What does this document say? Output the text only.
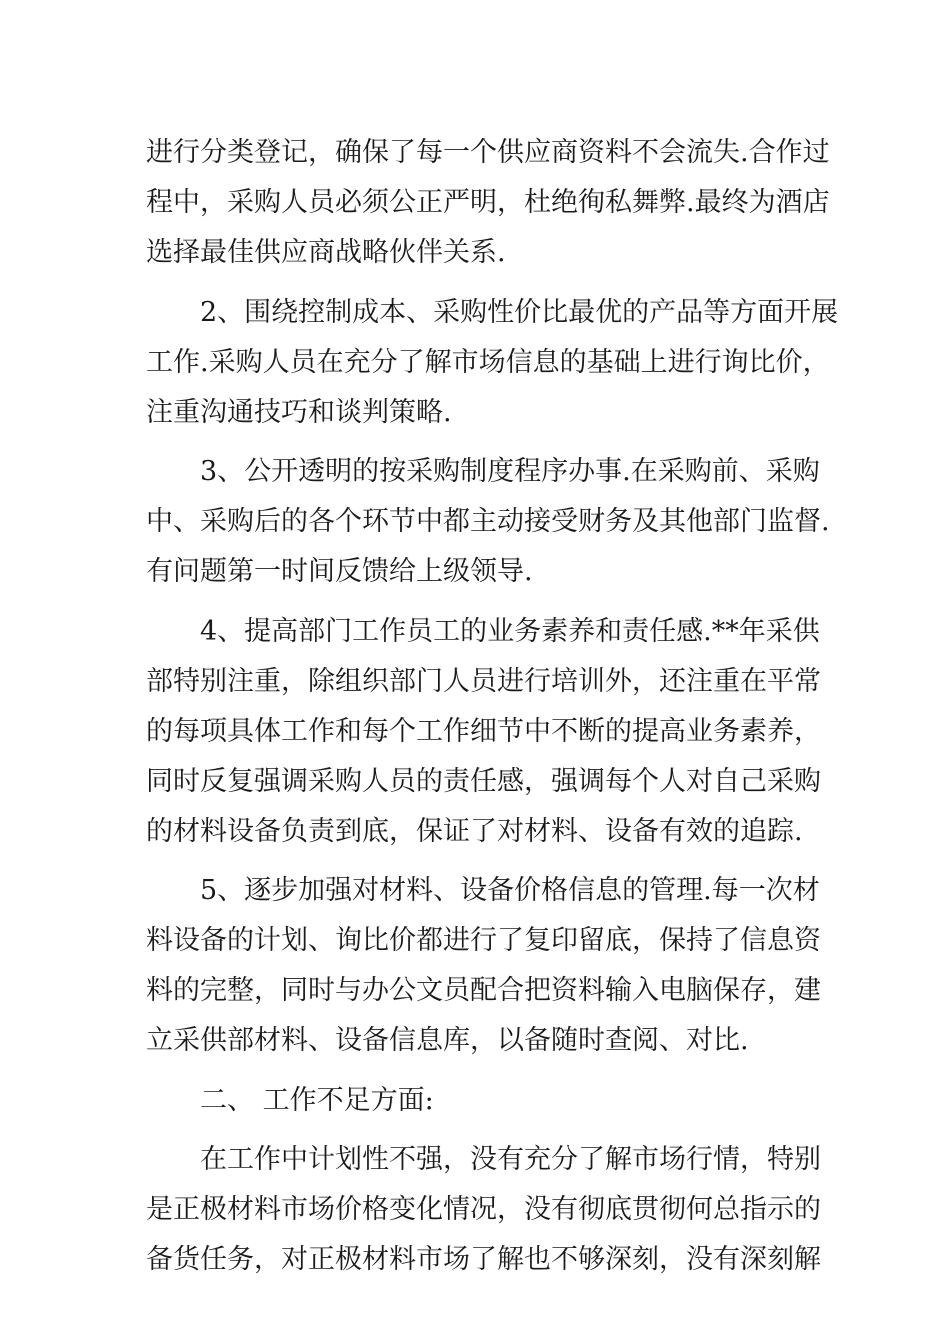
进行分类登记，确保了每一个供应商资料不会流失.合作过
程中，采购人员必须公正严明，杜绝徇私舞弊.最终为酒店
选择最佳供应商战略伙伴关系.
2、围绕控制成本、采购性价比最优的产品等方面开展
工作.采购人员在充分了解市场信息的基础上进行询比价，
注重沟通技巧和谈判策略.
3、公开透明的按采购制度程序办事.在采购前、采购
中、采购后的各个环节中都主动接受财务及其他部门监督.
有问题第一时间反馈给上级领导.
4、提高部门工作员工的业务素养和责任感.**年采供
部特别注重，除组织部门人员进行培训外，还注重在平常
的每项具体工作和每个工作细节中不断的提高业务素养，
同时反复强调采购人员的责任感，强调每个人对自己采购
的材料设备负责到底，保证了对材料、设备有效的追踪.
5、逐步加强对材料、设备价格信息的管理.每一次材
料设备的计划、询比价都进行了复印留底，保持了信息资
料的完整，同时与办公文员配合把资料输入电脑保存，建
立采供部材料、设备信息库，以备随时查阅、对比.
二、 工作不足方面:
在工作中计划性不强，没有充分了解市场行情，特别
是正极材料市场价格变化情况，没有彻底贯彻何总指示的
备货任务，对正极材料市场了解也不够深刻，没有深刻解
